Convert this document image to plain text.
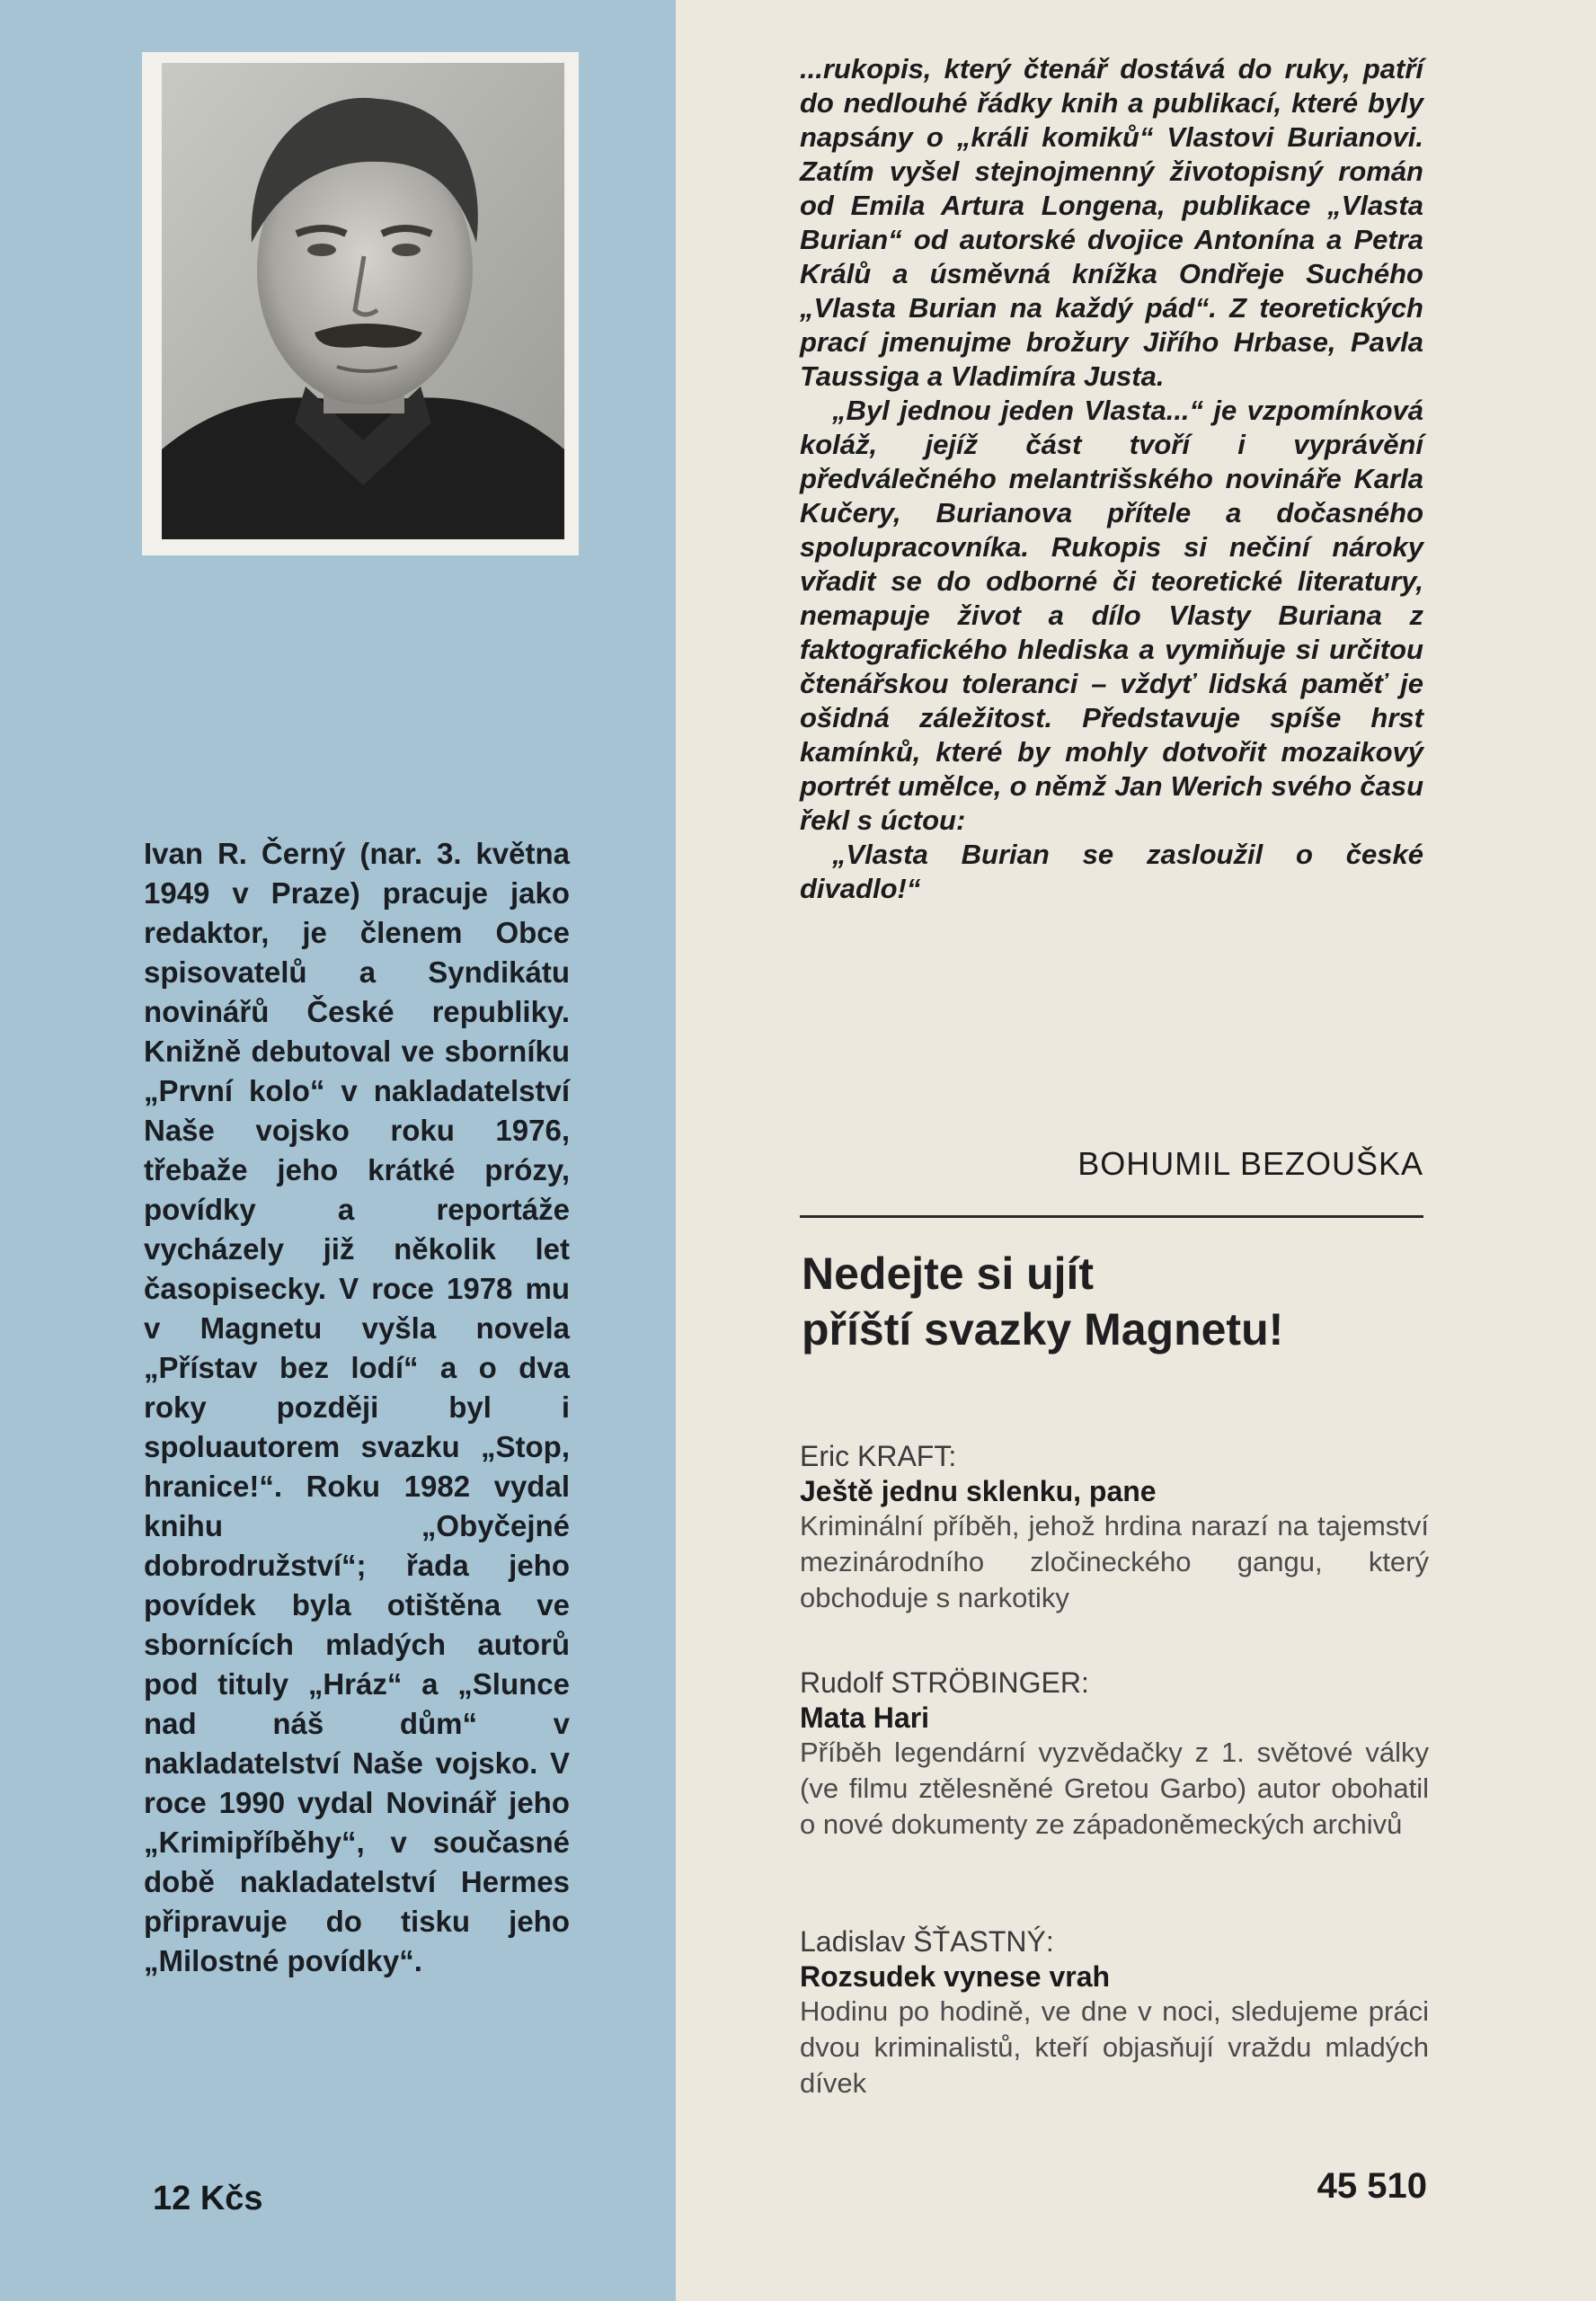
Ivan R. Černý (nar. 3. května 1949 v Praze) pracuje jako redaktor, je členem Obce spisovatelů a Syndikátu novinářů České republiky. Knižně debutoval ve sborníku „První kolo“ v nakladatelství Naše vojsko roku 1976, třebaže jeho krátké prózy, povídky a reportáže vycházely již několik let časopisecky. V roce 1978 mu v Magnetu vyšla novela „Přístav bez lodí“ a o dva roky později byl i spoluautorem svazku „Stop, hranice!“. Roku 1982 vydal knihu „Obyčejné dobrodružství“; řada jeho povídek byla otištěna ve sbornících mladých autorů pod tituly „Hráz“ a „Slunce nad náš dům“ v nakladatelství Naše vojsko. V roce 1990 vydal Novinář jeho „Krimipříběhy“, v současné době nakladatelství Hermes připravuje do tisku jeho „Milostné povídky“.

12 Kčs

...rukopis, který čtenář dostává do ruky, patří do nedlouhé řádky knih a publikací, které byly napsány o „králi komiků“ Vlastovi Burianovi. Zatím vyšel stejnojmenný životopisný román od Emila Artura Longena, publikace „Vlasta Burian“ od autorské dvojice Antonína a Petra Králů a úsměvná knížka Ondřeje Suchého „Vlasta Burian na každý pád“. Z teoretických prací jmenujme brožury Jiřího Hrbase, Pavla Taussiga a Vladimíra Justa.

„Byl jednou jeden Vlasta...“ je vzpomínková koláž, jejíž část tvoří i vyprávění předválečného melantrišského novináře Karla Kučery, Burianova přítele a dočasného spolupracovníka. Rukopis si nečiní nároky vřadit se do odborné či teoretické literatury, nemapuje život a dílo Vlasty Buriana z faktografického hlediska a vymiňuje si určitou čtenářskou toleranci – vždyť lidská paměť je ošidná záležitost. Představuje spíše hrst kamínků, které by mohly dotvořit mozaikový portrét umělce, o němž Jan Werich svého času řekl s úctou:

„Vlasta Burian se zasloužil o české divadlo!“

BOHUMIL BEZOUŠKA
Nedejte si ujít
příští svazky Magnetu!
Eric KRAFT:
Ještě jednu sklenku, pane

Kriminální příběh, jehož hrdina narazí na tajemství mezinárodního zločineckého gangu, který obchoduje s narkotiky

Rudolf STRÖBINGER:
Mata Hari

Příběh legendární vyzvědačky z 1. světové války (ve filmu ztělesněné Gretou Garbo) autor obohatil o nové dokumenty ze západoněmeckých archivů

Ladislav ŠŤASTNÝ:
Rozsudek vynese vrah

Hodinu po hodině, ve dne v noci, sledujeme práci dvou kriminalistů, kteří objasňují vraždu mladých dívek

45 510
